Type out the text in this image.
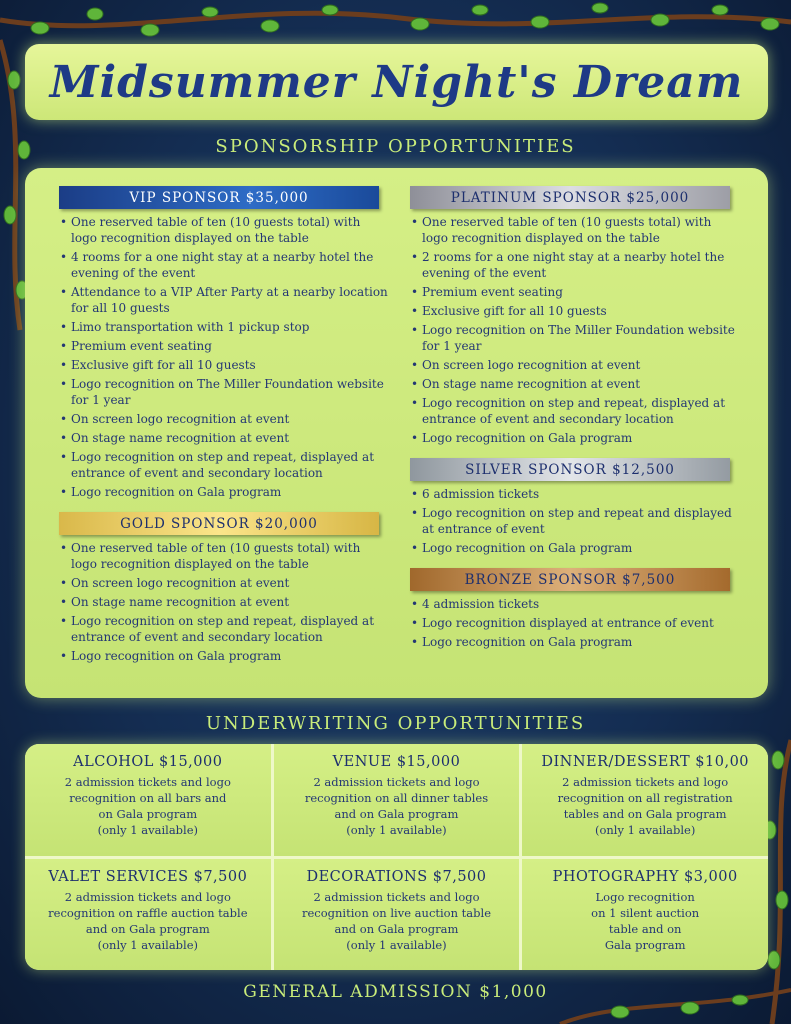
Midsummer Night's Dream
SPONSORSHIP OPPORTUNITIES
VIP SPONSOR $35,000
• One reserved table of ten (10 guests total) with logo recognition displayed on the table
• 4 rooms for a one night stay at a nearby hotel the evening of the event
• Attendance to a VIP After Party at a nearby location for all 10 guests
• Limo transportation with 1 pickup stop
• Premium event seating
• Exclusive gift for all 10 guests
• Logo recognition on The Miller Foundation website for 1 year
• On screen logo recognition at event
• On stage name recognition at event
• Logo recognition on step and repeat, displayed at entrance of event and secondary location
• Logo recognition on Gala program
GOLD SPONSOR $20,000
• One reserved table of ten (10 guests total) with logo recognition displayed on the table
• On screen logo recognition at event
• On stage name recognition at event
• Logo recognition on step and repeat, displayed at entrance of event and secondary location
• Logo recognition on Gala program
PLATINUM SPONSOR $25,000
• One reserved table of ten (10 guests total) with logo recognition displayed on the table
• 2 rooms for a one night stay at a nearby hotel the evening of the event
• Premium event seating
• Exclusive gift for all 10 guests
• Logo recognition on The Miller Foundation website for 1 year
• On screen logo recognition at event
• On stage name recognition at event
• Logo recognition on step and repeat, displayed at entrance of event and secondary location
• Logo recognition on Gala program
SILVER SPONSOR $12,500
• 6 admission tickets
• Logo recognition on step and repeat and displayed at entrance of event
• Logo recognition on Gala program
BRONZE SPONSOR $7,500
• 4 admission tickets
• Logo recognition displayed at entrance of event
• Logo recognition on Gala program
UNDERWRITING OPPORTUNITIES
ALCOHOL $15,000
2 admission tickets and logo
recognition on all bars and
on Gala program
(only 1 available)
VENUE $15,000
2 admission tickets and logo
recognition on all dinner tables
and on Gala program
(only 1 available)
DINNER/DESSERT $10,00
2 admission tickets and logo
recognition on all registration
tables and on Gala program
(only 1 available)
VALET SERVICES $7,500
2 admission tickets and logo
recognition on raffle auction table
and on Gala program
(only 1 available)
DECORATIONS $7,500
2 admission tickets and logo
recognition on live auction table
and on Gala program
(only 1 available)
PHOTOGRAPHY $3,000
Logo recognition
on 1 silent auction
table and on
Gala program
GENERAL ADMISSION $1,000
